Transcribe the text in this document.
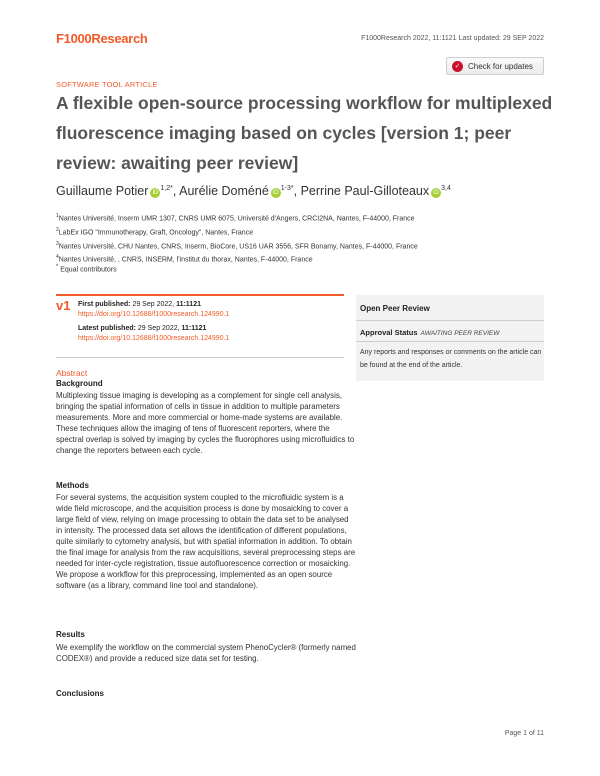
F1000Research	F1000Research 2022, 11:1121 Last updated: 29 SEP 2022
✓ Check for updates
SOFTWARE TOOL ARTICLE
A flexible open-source processing workflow for multiplexed fluorescence imaging based on cycles [version 1; peer review: awaiting peer review]
Guillaume Potier $iD^{1,2*}$, Aurélie Doméné $iD^{1-3*}$, Perrine Paul-Gilloteaux iD$^{3,4}$
$^1$Nantes Université, Inserm UMR 1307, CNRS UMR 6075, Université d'Angers, CRCI2NA, Nantes, F-44000, France
$^2$LabEx IGO "Immunotherapy, Graft, Oncology", Nantes, France
$^3$Nantes Université, CHU Nantes, CNRS, Inserm, BioCore, US16 UAR 3556, SFR Bonamy, Nantes, F-44000, France
$^4$Nantes Université, , CNRS, INSERM, l'institut du thorax, Nantes, F-44000, France
* Equal contributors
v1 First published: 29 Sep 2022, 11:1121
https://doi.org/10.12688/f1000research.124990.1
Latest published: 29 Sep 2022, 11:1121
https://doi.org/10.12688/f1000research.124990.1
Abstract
Background
Multiplexing tissue imaging is developing as a complement for single cell analysis, bringing the spatial information of cells in tissue in addition to multiple parameters measurements. More and more commercial or home-made systems are available. These techniques allow the imaging of tens of fluorescent reporters, where the spectral overlap is solved by imaging by cycles the fluorophores using microfluidics to change the reporters between each cycle.
Methods
For several systems, the acquisition system coupled to the microfluidic system is a wide field microscope, and the acquisition process is done by mosaicking to cover a large field of view, relying on image processing to obtain the data set to be analysed in intensity. The processed data set allows the identification of different populations, quite similarly to cytometry analysis, but with spatial information in addition. To obtain the final image for analysis from the raw acquisitions, several preprocessing steps are needed for inter-cycle registration, tissue autofluorescence correction or mosaicking. We propose a workflow for this preprocessing, implemented as an open source software (as a library, command line tool and standalone).
Results
We exemplify the workflow on the commercial system PhenoCycler® (formerly named CODEX®) and provide a reduced size data set for testing.
Conclusions
Open Peer Review
Approval Status AWAITING PEER REVIEW
Any reports and responses or comments on the article can be found at the end of the article.
Page 1 of 11
